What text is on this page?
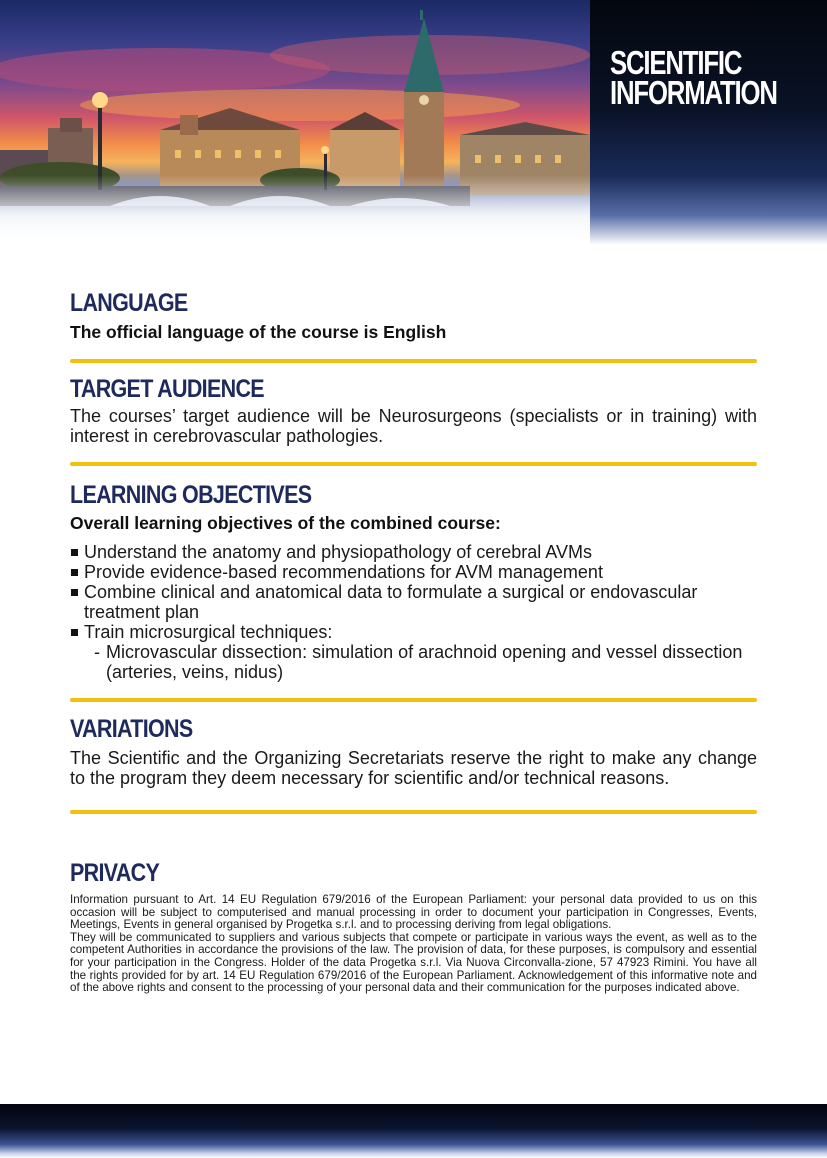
SCIENTIFIC
INFORMATION
LANGUAGE
The official language of the course is English
TARGET AUDIENCE
The courses’ target audience will be Neurosurgeons (specialists or in training) with interest in cerebrovascular pathologies.
LEARNING OBJECTIVES
Overall learning objectives of the combined course:
Understand the anatomy and physiopathology of cerebral AVMs
Provide evidence-based recommendations for AVM management
Combine clinical and anatomical data to formulate a surgical or endovascular
treatment plan
Train microsurgical techniques:
- Microvascular dissection: simulation of arachnoid opening and vessel dissection
(arteries, veins, nidus)
VARIATIONS
The Scientific and the Organizing Secretariats reserve the right to make any change to the program they deem necessary for scientific and/or technical reasons.
PRIVACY
Information pursuant to Art. 14 EU Regulation 679/2016 of the European Parliament: your personal data provided to us on this occasion will be subject to computerised and manual processing in order to document your participation in Congresses, Events, Meetings, Events in general organised by Progetka s.r.l. and to processing deriving from legal obligations.
They will be communicated to suppliers and various subjects that compete or participate in various ways the event, as well as to the competent Authorities in accordance the provisions of the law. The provision of data, for these purposes, is compulsory and essential for your participation in the Congress. Holder of the data Progetka s.r.l. Via Nuova Circonvalla-zione, 57 47923 Rimini. You have all the rights provided for by art. 14 EU Regulation 679/2016 of the European Parliament. Acknowledgement of this informative note and of the above rights and consent to the processing of your personal data and their communication for the purposes indicated above.
